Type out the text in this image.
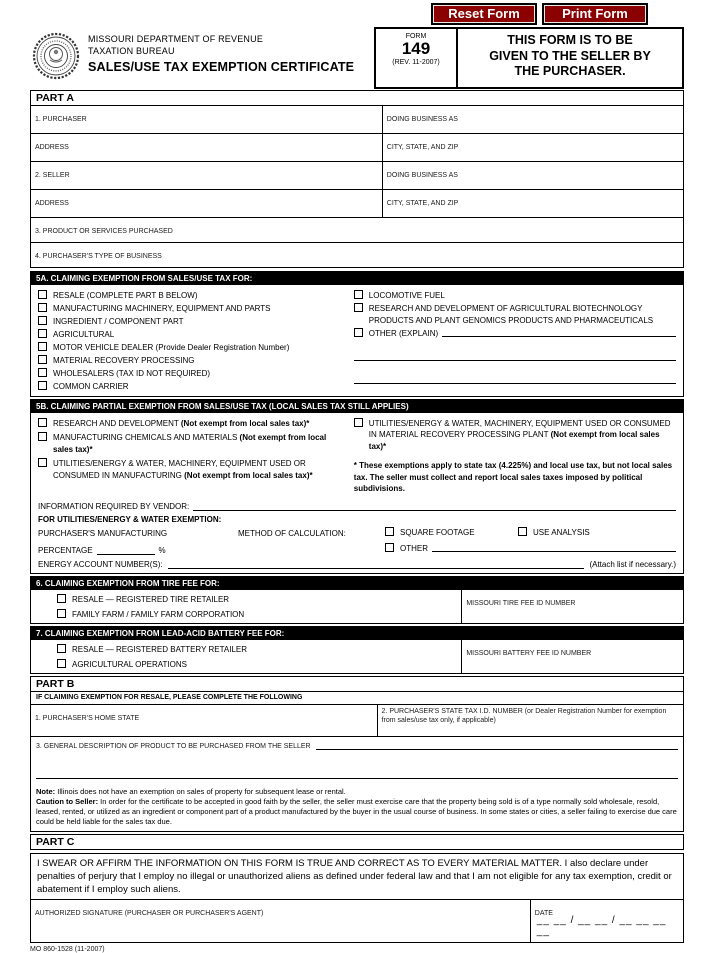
Reset Form	Print Form
MISSOURI DEPARTMENT OF REVENUE
TAXATION BUREAU
SALES/USE TAX EXEMPTION CERTIFICATE
FORM
149
(REV. 11-2007)
THIS FORM IS TO BE
GIVEN TO THE SELLER BY
THE PURCHASER.
PART A
1. PURCHASER	DOING BUSINESS AS
ADDRESS	CITY, STATE, AND ZIP
2. SELLER	DOING BUSINESS AS
ADDRESS	CITY, STATE, AND ZIP
3. PRODUCT OR SERVICES PURCHASED
4. PURCHASER'S TYPE OF BUSINESS
5A. CLAIMING EXEMPTION FROM SALES/USE TAX FOR:
RESALE (COMPLETE PART B BELOW)
MANUFACTURING MACHINERY, EQUIPMENT AND PARTS
INGREDIENT / COMPONENT PART
AGRICULTURAL
MOTOR VEHICLE DEALER (Provide Dealer Registration Number)
MATERIAL RECOVERY PROCESSING
WHOLESALERS (TAX ID NOT REQUIRED)
COMMON CARRIER
LOCOMOTIVE FUEL
RESEARCH AND DEVELOPMENT OF AGRICULTURAL BIOTECHNOLOGY PRODUCTS AND PLANT GENOMICS PRODUCTS AND PHARMACEUTICALS
OTHER (EXPLAIN)
5B. CLAIMING PARTIAL EXEMPTION FROM SALES/USE TAX (LOCAL SALES TAX STILL APPLIES)
RESEARCH AND DEVELOPMENT (Not exempt from local sales tax)*
MANUFACTURING CHEMICALS AND MATERIALS (Not exempt from local sales tax)*
UTILITIES/ENERGY & WATER, MACHINERY, EQUIPMENT USED OR CONSUMED IN MANUFACTURING (Not exempt from local sales tax)*
UTILITIES/ENERGY & WATER, MACHINERY, EQUIPMENT USED OR CONSUMED IN MATERIAL RECOVERY PROCESSING PLANT (Not exempt from local sales tax)*
* These exemptions apply to state tax (4.225%) and local use tax, but not local sales tax. The seller must collect and report local sales taxes imposed by political subdivisions.
INFORMATION REQUIRED BY VENDOR:
FOR UTILITIES/ENERGY & WATER EXEMPTION:
PURCHASER'S MANUFACTURING	METHOD OF CALCULATION:	SQUARE FOOTAGE	USE ANALYSIS
PERCENTAGE	%	OTHER
ENERGY ACCOUNT NUMBER(S):	(Attach list if necessary.)
6. CLAIMING EXEMPTION FROM TIRE FEE FOR:
RESALE — REGISTERED TIRE RETAILER
FAMILY FARM / FAMILY FARM CORPORATION
MISSOURI TIRE FEE ID NUMBER
7. CLAIMING EXEMPTION FROM LEAD-ACID BATTERY FEE FOR:
RESALE — REGISTERED BATTERY RETAILER
AGRICULTURAL OPERATIONS
MISSOURI BATTERY FEE ID NUMBER
PART B
IF CLAIMING EXEMPTION FOR RESALE, PLEASE COMPLETE THE FOLLOWING
1. PURCHASER'S HOME STATE
2. PURCHASER'S STATE TAX I.D. NUMBER (or Dealer Registration Number for exemption from sales/use tax only, if applicable)
3. GENERAL DESCRIPTION OF PRODUCT TO BE PURCHASED FROM THE SELLER
Note: Illinois does not have an exemption on sales of property for subsequent lease or rental.
Caution to Seller: In order for the certificate to be accepted in good faith by the seller, the seller must exercise care that the property being sold is of a type normally sold wholesale, resold, leased, rented, or utilized as an ingredient or component part of a product manufactured by the buyer in the usual course of business. In some states or cities, a seller failing to exercise due care could be held liable for the sales tax due.
PART C
I SWEAR OR AFFIRM THE INFORMATION ON THIS FORM IS TRUE AND CORRECT AS TO EVERY MATERIAL MATTER. I also declare under penalties of perjury that I employ no illegal or unauthorized aliens as defined under federal law and that I am not eligible for any tax exemption, credit or abatement if I employ such aliens.
AUTHORIZED SIGNATURE (PURCHASER OR PURCHASER'S AGENT)	DATE
__ __ / __ __ / __ __ __ __
MO 860-1528 (11-2007)
